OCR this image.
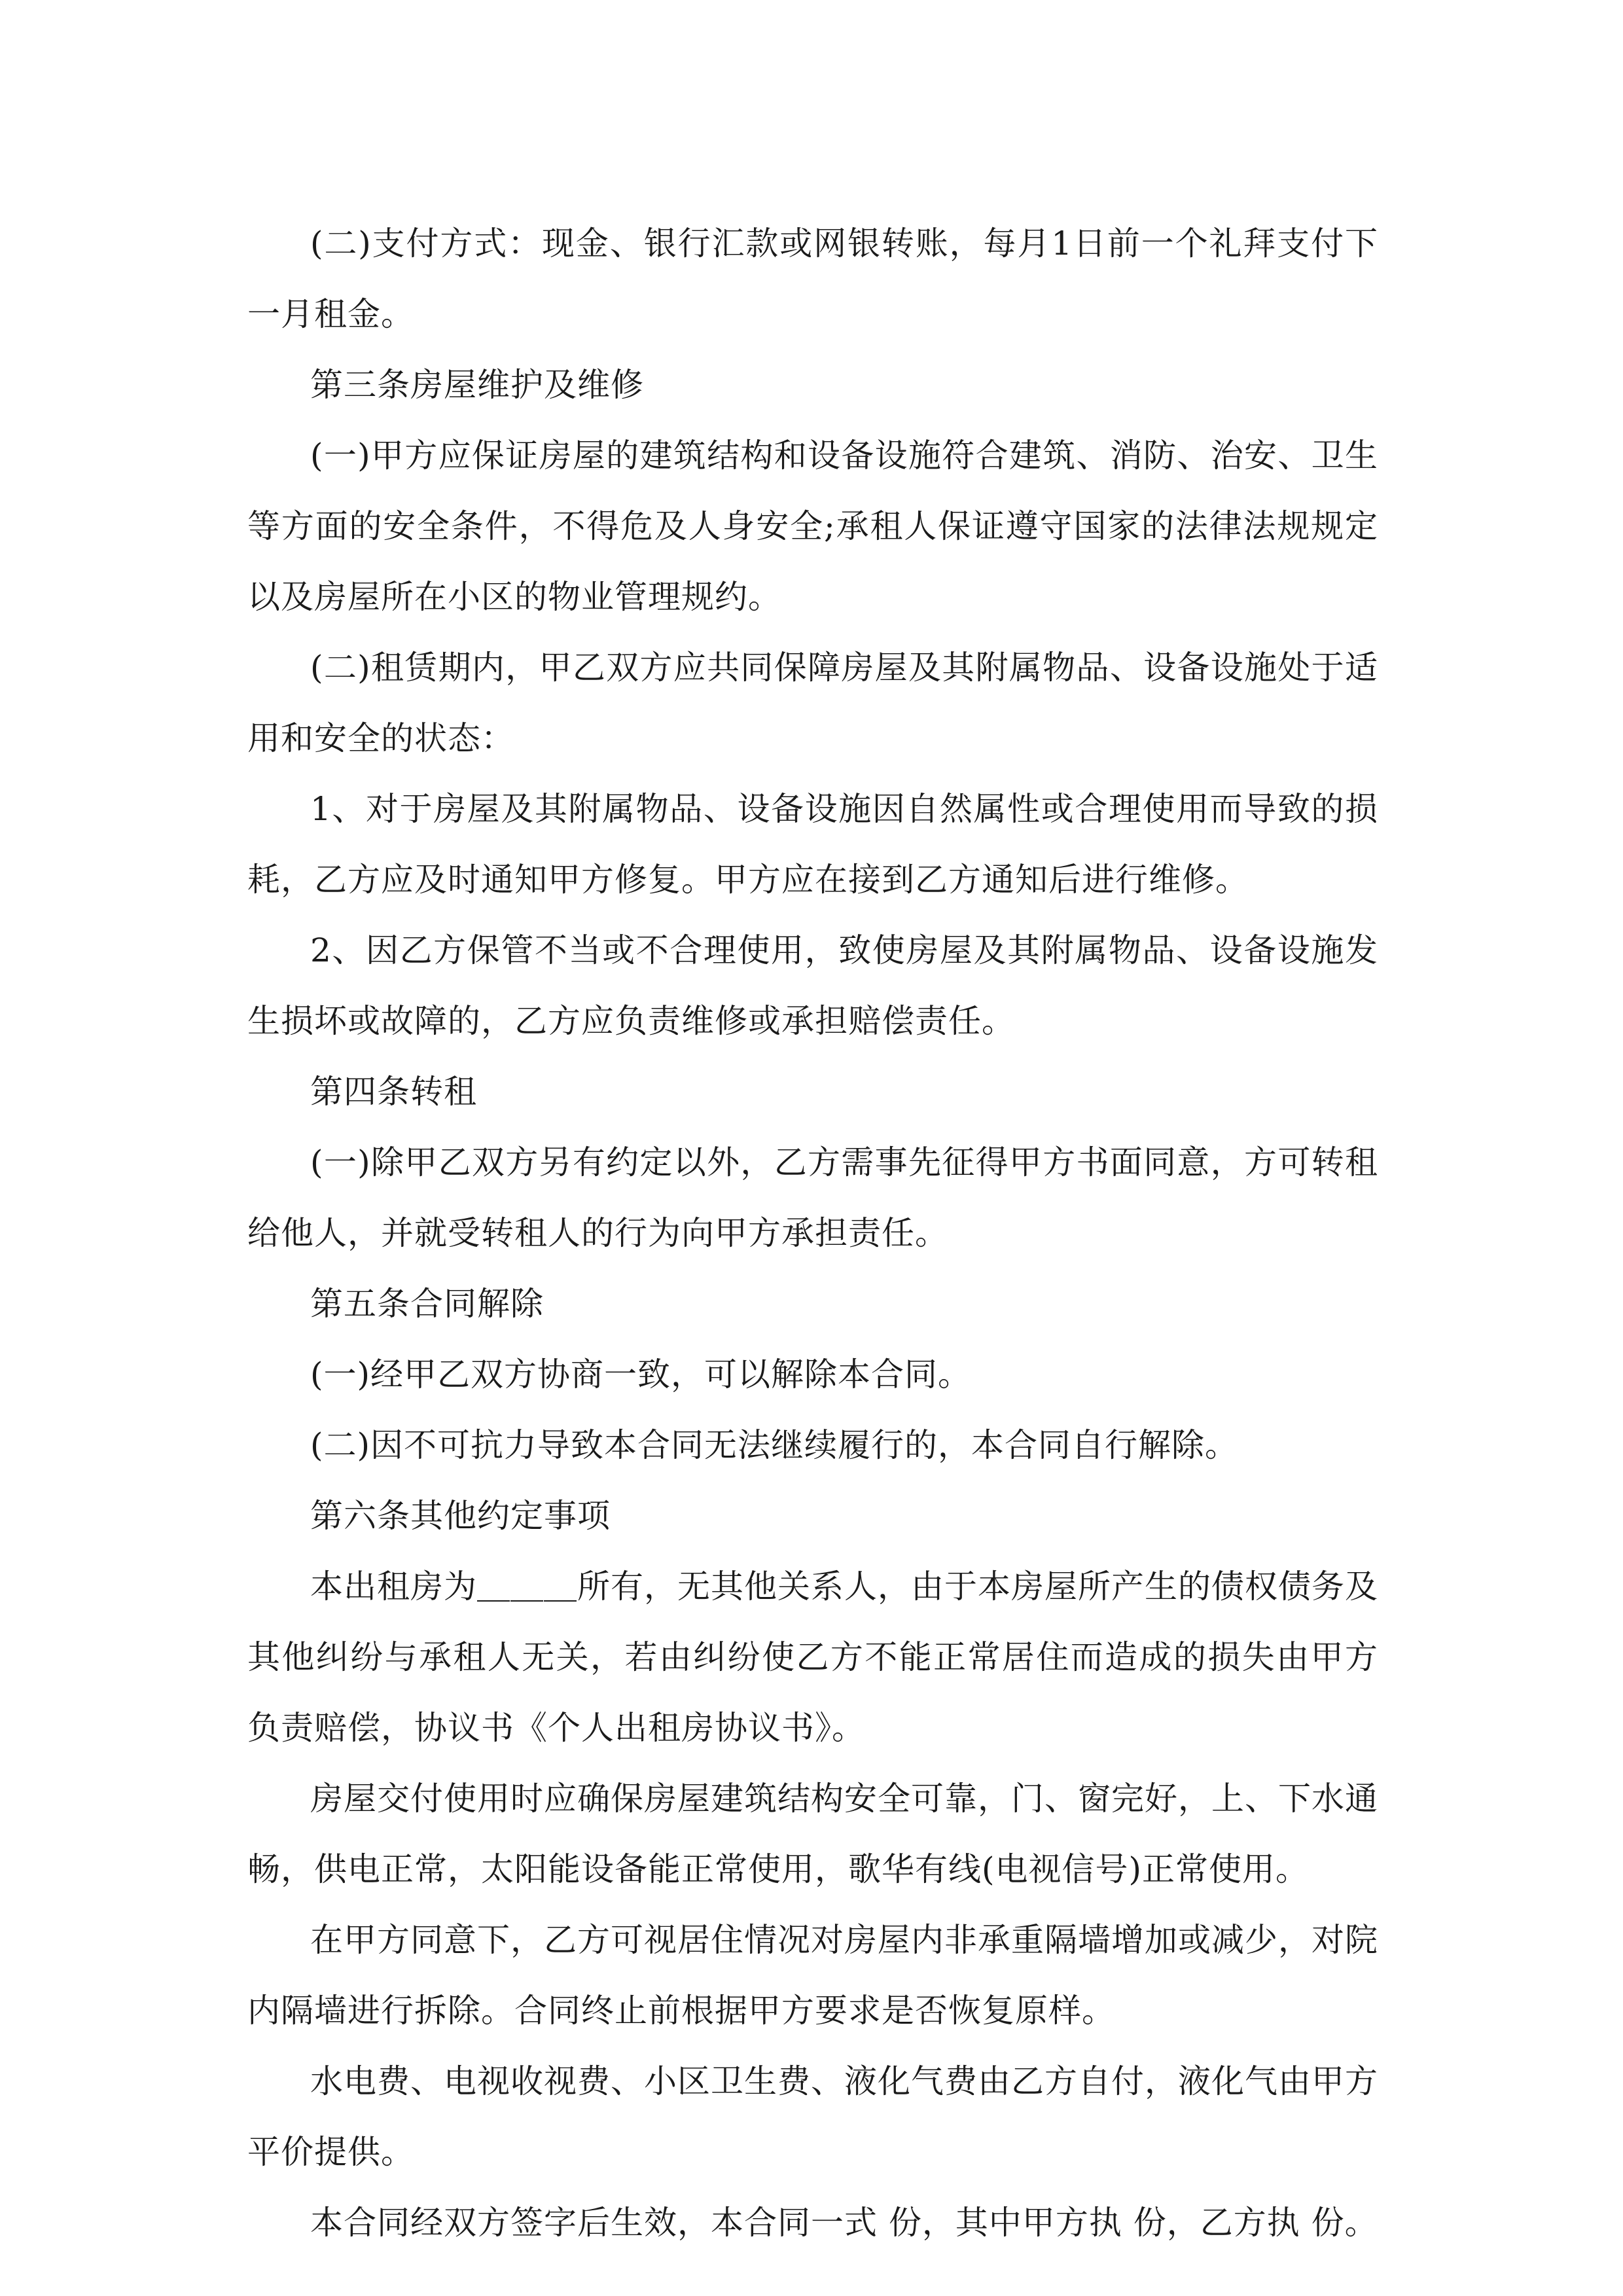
(二)支付方式：现金、银行汇款或网银转账，每月1日前一个礼拜支付下一月租金。

第三条房屋维护及维修

(一)甲方应保证房屋的建筑结构和设备设施符合建筑、消防、治安、卫生等方面的安全条件，不得危及人身安全;承租人保证遵守国家的法律法规规定以及房屋所在小区的物业管理规约。

(二)租赁期内，甲乙双方应共同保障房屋及其附属物品、设备设施处于适用和安全的状态：

1、对于房屋及其附属物品、设备设施因自然属性或合理使用而导致的损耗，乙方应及时通知甲方修复。甲方应在接到乙方通知后进行维修。

2、因乙方保管不当或不合理使用，致使房屋及其附属物品、设备设施发生损坏或故障的，乙方应负责维修或承担赔偿责任。

第四条转租

(一)除甲乙双方另有约定以外，乙方需事先征得甲方书面同意，方可转租给他人，并就受转租人的行为向甲方承担责任。

第五条合同解除

(一)经甲乙双方协商一致，可以解除本合同。

(二)因不可抗力导致本合同无法继续履行的，本合同自行解除。

第六条其他约定事项

本出租房为＿＿＿所有，无其他关系人，由于本房屋所产生的债权债务及其他纠纷与承租人无关，若由纠纷使乙方不能正常居住而造成的损失由甲方负责赔偿，协议书《个人出租房协议书》。

房屋交付使用时应确保房屋建筑结构安全可靠，门、窗完好，上、下水通畅，供电正常，太阳能设备能正常使用，歌华有线(电视信号)正常使用。

在甲方同意下，乙方可视居住情况对房屋内非承重隔墙增加或减少，对院内隔墙进行拆除。合同终止前根据甲方要求是否恢复原样。

水电费、电视收视费、小区卫生费、液化气费由乙方自付，液化气由甲方平价提供。

本合同经双方签字后生效，本合同一式 份，其中甲方执 份，乙方执 份。
